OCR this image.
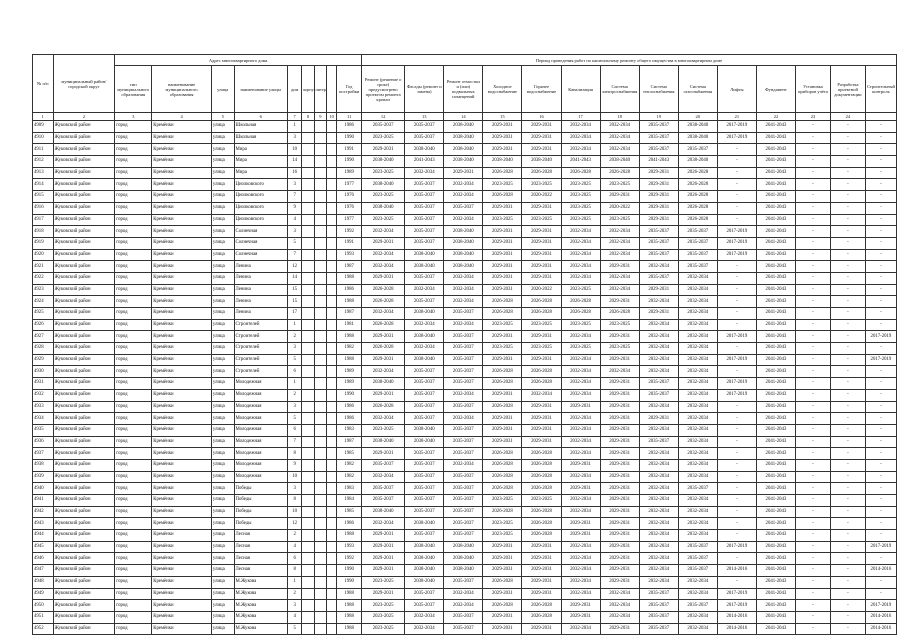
№ п/п	муниципальный район/городской округ	Адрес многоквартирного дома									Период проведения работ по капитальному ремонту общего имущества в многоквартирном доме													
		тип муниципального образования	наименование муниципального образования	улица	наименование улицы	дом	корпус	литер		Год постройки	Ремонт (решение о сроке) предусмотрено проектом ремонта кровли	Фасады (ремонт и замена)	Ремонт отмостки и (или) подвальных помещений	Холодное водоснабжение	Горячее водоснабжение	Канализация	Система электроснабжения	Система теплоснабжения	Система газоснабжения	Лифты	Фундамент	Установка приборов учёта	Разработка проектной документации	Строительный контроль
1	2	3	4	5	6	7	8	9	10	11	12	13	14	15	16	17	18	19	20	21	22	23	24	
4909	Жуковский район	город	Кремёнки	улица	Школьная	1				1986	2035-2037	2035-2037	2038-2040	2029-2031	2029-2031	2032-2034	2032-2034	2035-2037	2038-2040	2017-2019	2041-2043	-	-	-
4910	Жуковский район	город	Кремёнки	улица	Школьная	3				1990	2023-2025	2035-2037	2038-2040	2029-2031	2029-2031	2032-2034	2032-2034	2035-2037	2038-2040	2017-2019	2041-2043	-	-	-
4911	Жуковский район	город	Кремёнки	улица	Мира	10				1991	2029-2031	2038-2040	2038-2040	2029-2031	2029-2031	2032-2034	2032-2034	2035-2037	2035-2037	-	2041-2043	-	-	-
4912	Жуковский район	город	Кремёнки	улица	Мира	14				1990	2038-2040	2041-2043	2038-2040	2038-2040	2038-2040	2041-2043	2038-2040	2041-2043	2038-2040	-	2041-2043	-	-	-
4913	Жуковский район	город	Кремёнки	улица	Мира	16				1989	2023-2025	2032-2034	2029-2031	2026-2028	2026-2028	2026-2028	2026-2028	2029-2031	2026-2028	-	2041-2043	-	-	-
4914	Жуковский район	город	Кремёнки	улица	Циолковского	3				1977	2038-2040	2035-2037	2032-2034	2023-2025	2023-2025	2023-2025	2023-2025	2029-2031	2026-2028	-	2041-2043	-	-	-
4915	Жуковский район	город	Кремёнки	улица	Циолковского	7				1976	2023-2025	2035-2037	2032-2034	2026-2028	2020-2022	2023-2025	2029-2031	2029-2031	2026-2028	-	2041-2043	-	-	-
4916	Жуковский район	город	Кремёнки	улица	Циолковского	9				1976	2038-2040	2035-2037	2035-2037	2029-2031	2029-2031	2023-2025	2020-2022	2029-2031	2026-2028	-	2041-2043	-	-	-
4917	Жуковский район	город	Кремёнки	улица	Циолковского	4				1977	2023-2025	2035-2037	2032-2034	2023-2025	2023-2025	2023-2025	2023-2025	2029-2031	2026-2028	-	2041-2043	-	-	-
4918	Жуковский район	город	Кремёнки	улица	Солнечная	3				1992	2032-2034	2035-2037	2038-2040	2029-2031	2029-2031	2032-2034	2032-2034	2035-2037	2035-2037	2017-2019	2041-2043	-	-	-
4919	Жуковский район	город	Кремёнки	улица	Солнечная	5				1991	2029-2031	2035-2037	2038-2040	2029-2031	2029-2031	2032-2034	2032-2034	2035-2037	2035-2037	2017-2019	2041-2043	-	-	-
4920	Жуковский район	город	Кремёнки	улица	Солнечная	7				1993	2032-2034	2038-2040	2038-2040	2029-2031	2029-2031	2032-2034	2032-2034	2035-2037	2035-2037	2017-2019	2041-2043	-	-	-
4921	Жуковский район	город	Кремёнки	улица	Ленина	12				1987	2032-2034	2038-2040	2038-2040	2029-2031	2029-2031	2032-2034	2029-2031	2032-2034	2035-2037	-	2041-2043	-	-	-
4922	Жуковский район	город	Кремёнки	улица	Ленина	14				1988	2029-2031	2035-2037	2032-2034	2029-2031	2029-2031	2032-2034	2032-2034	2035-2037	2032-2034	-	2041-2043	-	-	-
4923	Жуковский район	город	Кремёнки	улица	Ленина	15				1986	2026-2028	2032-2034	2032-2034	2029-2031	2020-2022	2023-2025	2032-2034	2029-2031	2032-2034	-	2041-2043	-	-	-
4924	Жуковский район	город	Кремёнки	улица	Ленина	15				1988	2026-2028	2035-2037	2032-2034	2026-2028	2026-2028	2026-2028	2029-2031	2032-2034	2032-2034	-	2041-2043	-	-	-
4925	Жуковский район	город	Кремёнки	улица	Ленина	17				1987	2032-2034	2038-2040	2035-2037	2026-2028	2026-2028	2026-2028	2026-2028	2029-2031	2032-2034	-	2041-2043	-	-	-
4926	Жуковский район	город	Кремёнки	улица	Строителей	1				1981	2026-2028	2032-2034	2032-2034	2023-2025	2023-2025	2023-2025	2023-2025	2032-2034	2032-2034	-	2041-2043	-	-	-
4927	Жуковский район	город	Кремёнки	улица	Строителей	2				1988	2029-2031	2038-2040	2035-2037	2029-2031	2029-2031	2032-2034	2029-2031	2032-2034	2032-2034	2017-2019	2041-2043	-	-	2017-2019
4928	Жуковский район	город	Кремёнки	улица	Строителей	3				1982	2026-2028	2032-2034	2035-2037	2023-2025	2023-2025	2023-2025	2023-2025	2032-2034	2032-2034	-	2041-2043	-	-	-
4929	Жуковский район	город	Кремёнки	улица	Строителей	5				1988	2029-2031	2038-2040	2035-2037	2029-2031	2029-2031	2032-2034	2029-2031	2032-2034	2032-2034	2017-2019	2041-2043	-	-	2017-2019
4930	Жуковский район	город	Кремёнки	улица	Строителей	6				1989	2032-2034	2035-2037	2035-2037	2026-2028	2026-2028	2032-2034	2032-2034	2032-2034	2032-2034	-	2041-2043	-	-	-
4931	Жуковский район	город	Кремёнки	улица	Молодежная	1				1989	2038-2040	2035-2037	2035-2037	2026-2028	2026-2028	2032-2034	2029-2031	2035-2037	2032-2034	2017-2019	2041-2043	-	-	-
4932	Жуковский район	город	Кремёнки	улица	Молодежная	2				1990	2029-2031	2035-2037	2032-2034	2029-2031	2032-2034	2032-2034	2029-2031	2035-2037	2032-2034	2017-2019	2041-2043	-	-	-
4933	Жуковский район	город	Кремёнки	улица	Молодежная	3				1986	2026-2028	2035-2037	2035-2037	2026-2028	2029-2031	2029-2031	2029-2031	2032-2034	2032-2034	-	2041-2043	-	-	-
4934	Жуковский район	город	Кремёнки	улица	Молодежная	5				1986	2032-2034	2035-2037	2032-2034	2029-2031	2029-2031	2032-2034	2029-2031	2029-2031	2032-2034	-	2041-2043	-	-	-
4935	Жуковский район	город	Кремёнки	улица	Молодежная	6				1983	2023-2025	2038-2040	2035-2037	2029-2031	2029-2031	2032-2034	2029-2031	2032-2034	2032-2034	-	2041-2043	-	-	-
4936	Жуковский район	город	Кремёнки	улица	Молодежная	7				1987	2038-2040	2038-2040	2035-2037	2029-2031	2029-2031	2032-2034	2029-2031	2035-2037	2032-2034	-	2041-2043	-	-	-
4937	Жуковский район	город	Кремёнки	улица	Молодежная	8				1985	2029-2031	2035-2037	2035-2037	2026-2028	2026-2028	2032-2034	2029-2031	2032-2034	2032-2034	-	2041-2043	-	-	-
4938	Жуковский район	город	Кремёнки	улица	Молодежная	9				1982	2035-2037	2035-2037	2032-2034	2026-2028	2026-2028	2029-2031	2029-2031	2032-2034	2032-2034	-	2041-2043	-	-	-
4939	Жуковский район	город	Кремёнки	улица	Молодежная	10				1982	2032-2034	2035-2037	2035-2037	2026-2028	2026-2028	2032-2034	2029-2031	2032-2034	2032-2034	-	2041-2043	-	-	-
4940	Жуковский район	город	Кремёнки	улица	Победы	3				1983	2035-2037	2035-2037	2035-2037	2026-2028	2026-2028	2029-2031	2029-2031	2032-2034	2035-2037	-	2041-2043	-	-	-
4941	Жуковский район	город	Кремёнки	улица	Победы	8				1984	2035-2037	2035-2037	2035-2037	2023-2025	2023-2025	2032-2034	2029-2031	2032-2034	2032-2034	-	2041-2043	-	-	-
4942	Жуковский район	город	Кремёнки	улица	Победы	10				1985	2038-2040	2035-2037	2035-2037	2026-2028	2026-2028	2032-2034	2029-2031	2032-2034	2032-2034	-	2041-2043	-	-	-
4943	Жуковский район	город	Кремёнки	улица	Победы	12				1986	2032-2034	2038-2040	2035-2037	2023-2025	2026-2028	2029-2031	2029-2031	2032-2034	2032-2034	-	2041-2043	-	-	-
4944	Жуковский район	город	Кремёнки	улица	Лесная	2				1988	2029-2031	2035-2037	2035-2037	2023-2025	2026-2028	2029-2031	2029-2031	2032-2034	2032-2034	-	2041-2043	-	-	-
4945	Жуковский район	город	Кремёнки	улица	Лесная	4				1993	2029-2031	2038-2040	2038-2040	2029-2031	2029-2031	2032-2034	2029-2031	2032-2034	2035-2037	2017-2019	2041-2043	-	-	2017-2019
4946	Жуковский район	город	Кремёнки	улица	Лесная	6				1992	2029-2031	2038-2040	2038-2040	2029-2031	2029-2031	2032-2034	2029-2031	2032-2034	2035-2037	-	2041-2043	-	-	-
4947	Жуковский район	город	Кремёнки	улица	Лесная	8				1990	2029-2031	2038-2040	2038-2040	2029-2031	2029-2031	2032-2034	2029-2031	2032-2034	2035-2037	2014-2016	2041-2043	-	-	2014-2016
4948	Жуковский район	город	Кремёнки	улица	М.Жукова	1				1990	2023-2025	2038-2040	2035-2037	2026-2028	2029-2031	2032-2034	2029-2031	2032-2034	2032-2034	-	2041-2043	-	-	-
4949	Жуковский район	город	Кремёнки	улица	М.Жукова	2				1988	2029-2031	2035-2037	2032-2034	2029-2031	2029-2031	2032-2034	2032-2034	2035-2037	2032-2034	2017-2019	2041-2043	-	-	-
4950	Жуковский район	город	Кремёнки	улица	М.Жукова	3				1988	2023-2025	2035-2037	2032-2034	2026-2028	2026-2028	2029-2031	2032-2034	2035-2037	2035-2037	2017-2019	2041-2043	-	-	2017-2019
4951	Жуковский район	город	Кремёнки	улица	М.Жукова	4				1988	2023-2025	2032-2034	2035-2037	2029-2031	2026-2028	2029-2031	2032-2034	2035-2037	2032-2034	2014-2016	2041-2043	-	-	2014-2016
4952	Жуковский район	город	Кремёнки	улица	М.Жукова	5				1988	2023-2025	2032-2034	2035-2037	2029-2031	2029-2031	2032-2034	2029-2031	2035-2037	2032-2034	2014-2016	2041-2043	-	-	2014-2016
